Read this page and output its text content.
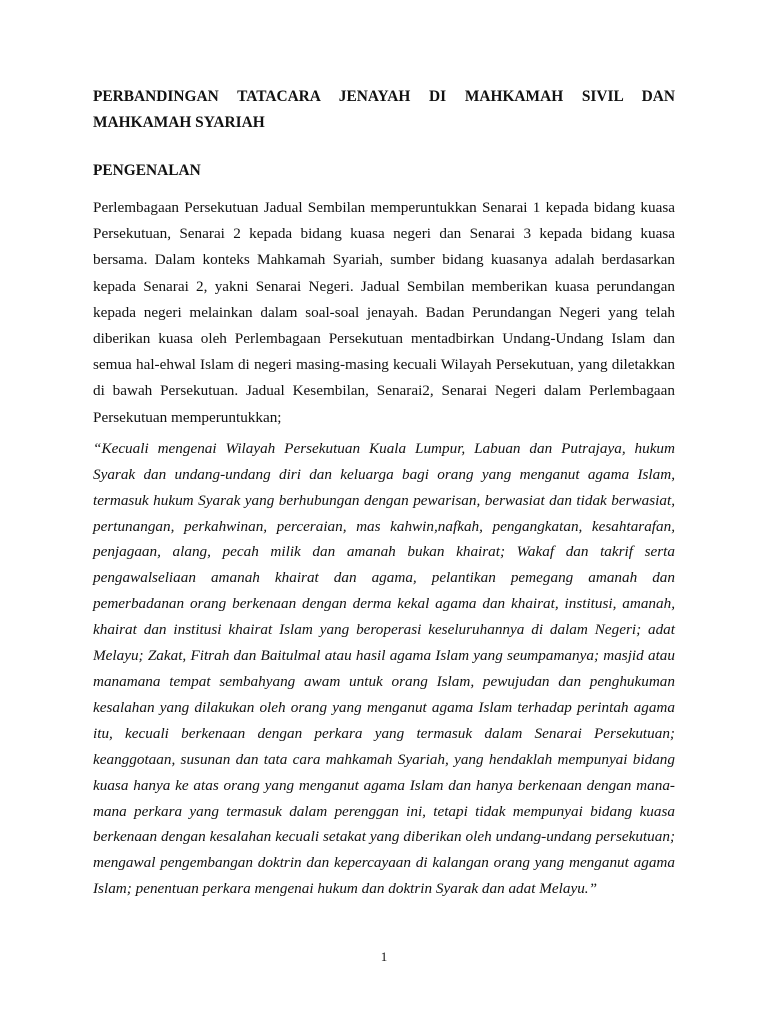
PERBANDINGAN TATACARA JENAYAH DI MAHKAMAH SIVIL DAN
MAHKAMAH SYARIAH
PENGENALAN

Perlembagaan Persekutuan Jadual Sembilan memperuntukkan Senarai 1 kepada bidang kuasa Persekutuan, Senarai 2 kepada bidang kuasa negeri dan Senarai 3 kepada bidang kuasa bersama. Dalam konteks Mahkamah Syariah, sumber bidang kuasanya adalah berdasarkan kepada Senarai 2, yakni Senarai Negeri. Jadual Sembilan memberikan kuasa perundangan kepada negeri melainkan dalam soal-soal jenayah. Badan Perundangan Negeri yang telah diberikan kuasa oleh Perlembagaan Persekutuan mentadbirkan Undang-Undang Islam dan semua hal-ehwal Islam di negeri masing-masing kecuali Wilayah Persekutuan, yang diletakkan di bawah Persekutuan. Jadual Kesembilan, Senarai2, Senarai Negeri dalam Perlembagaan Persekutuan memperuntukkan;

“Kecuali mengenai Wilayah Persekutuan Kuala Lumpur, Labuan dan Putrajaya, hukum Syarak dan undang-undang diri dan keluarga bagi orang yang menganut agama Islam, termasuk hukum Syarak yang berhubungan dengan pewarisan, berwasiat dan tidak berwasiat, pertunangan, perkahwinan, perceraian, mas kahwin,nafkah, pengangkatan, kesahtarafan, penjagaan, alang, pecah milik dan amanah bukan khairat; Wakaf dan takrif serta pengawalseliaan amanah khairat dan agama, pelantikan pemegang amanah dan pemerbadanan orang berkenaan dengan derma kekal agama dan khairat, institusi, amanah, khairat dan institusi khairat Islam yang beroperasi keseluruhannya di dalam Negeri; adat Melayu; Zakat, Fitrah dan Baitulmal atau hasil agama Islam yang seumpamanya; masjid atau manamana tempat sembahyang awam untuk orang Islam, pewujudan dan penghukuman kesalahan yang dilakukan oleh orang yang menganut agama Islam terhadap perintah agama itu, kecuali berkenaan dengan perkara yang termasuk dalam Senarai Persekutuan; keanggotaan, susunan dan tata cara mahkamah Syariah, yang hendaklah mempunyai bidang kuasa hanya ke atas orang yang menganut agama Islam dan hanya berkenaan dengan mana-mana perkara yang termasuk dalam perenggan ini, tetapi tidak mempunyai bidang kuasa berkenaan dengan kesalahan kecuali setakat yang diberikan oleh undang-undang persekutuan; mengawal pengembangan doktrin dan kepercayaan di kalangan orang yang menganut agama Islam; penentuan perkara mengenai hukum dan doktrin Syarak dan adat Melayu.”

1
